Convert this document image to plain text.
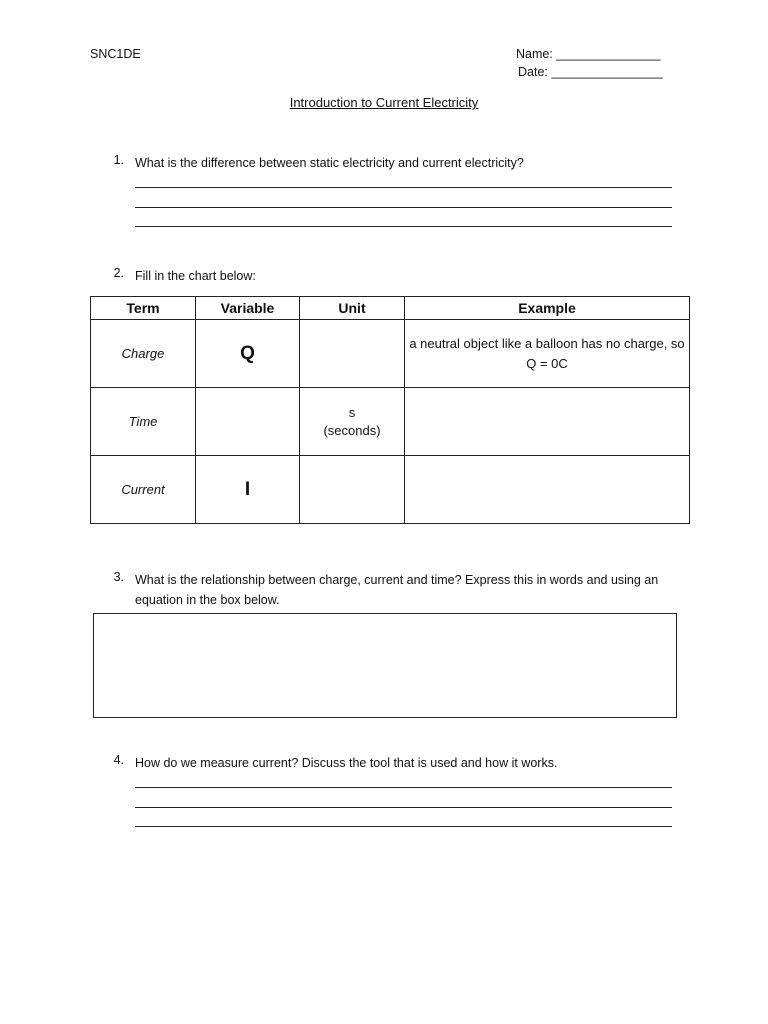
SNC1DE	Name: _______________
Date: ________________
Introduction to Current Electricity
1. What is the difference between static electricity and current electricity?
2. Fill in the chart below:
Term	Variable	Unit	Example
Charge	Q		a neutral object like a balloon has no charge, so Q = 0C
Time		s
(seconds)	

Current	I		
3. What is the relationship between charge, current and time? Express this in words and using an equation in the box below.
4. How do we measure current? Discuss the tool that is used and how it works.
